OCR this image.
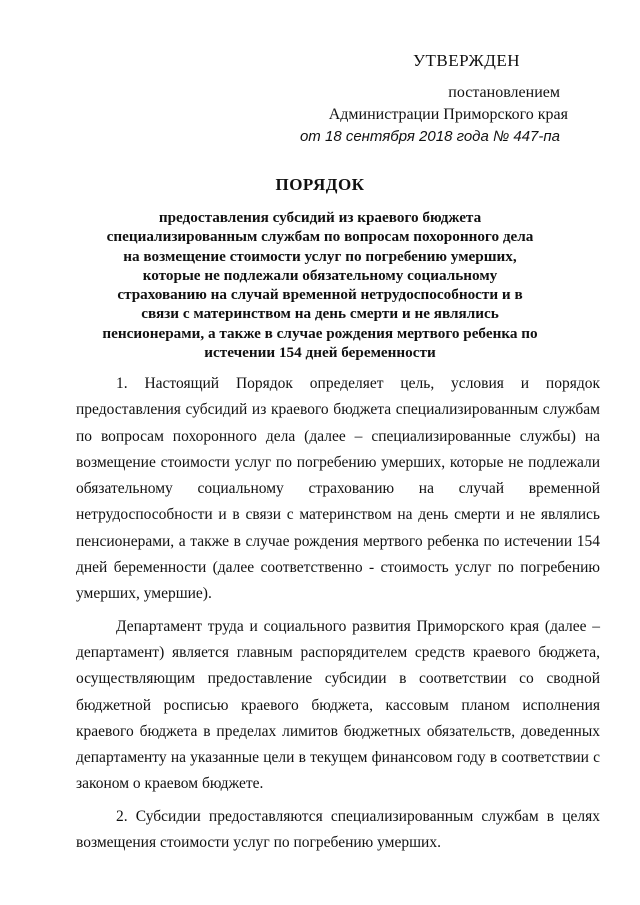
УТВЕРЖДЕН
постановлением
Администрации Приморского края
от 18 сентября 2018 года № 447-па
ПОРЯДОК
предоставления субсидий из краевого бюджета специализированным службам по вопросам похоронного дела на возмещение стоимости услуг по погребению умерших, которые не подлежали обязательному социальному страхованию на случай временной нетрудоспособности и в связи с материнством на день смерти и не являлись пенсионерами, а также в случае рождения мертвого ребенка по истечении 154 дней беременности

1. Настоящий Порядок определяет цель, условия и порядок предоставления субсидий из краевого бюджета специализированным службам по вопросам похоронного дела (далее – специализированные службы) на возмещение стоимости услуг по погребению умерших, которые не подлежали обязательному социальному страхованию на случай временной нетрудоспособности и в связи с материнством на день смерти и не являлись пенсионерами, а также в случае рождения мертвого ребенка по истечении 154 дней беременности (далее соответственно - стоимость услуг по погребению умерших, умершие).

Департамент труда и социального развития Приморского края (далее – департамент) является главным распорядителем средств краевого бюджета, осуществляющим предоставление субсидии в соответствии со сводной бюджетной росписью краевого бюджета, кассовым планом исполнения краевого бюджета в пределах лимитов бюджетных обязательств, доведенных департаменту на указанные цели в текущем финансовом году в соответствии с законом о краевом бюджете.

2. Субсидии предоставляются специализированным службам в целях возмещения стоимости услуг по погребению умерших.
